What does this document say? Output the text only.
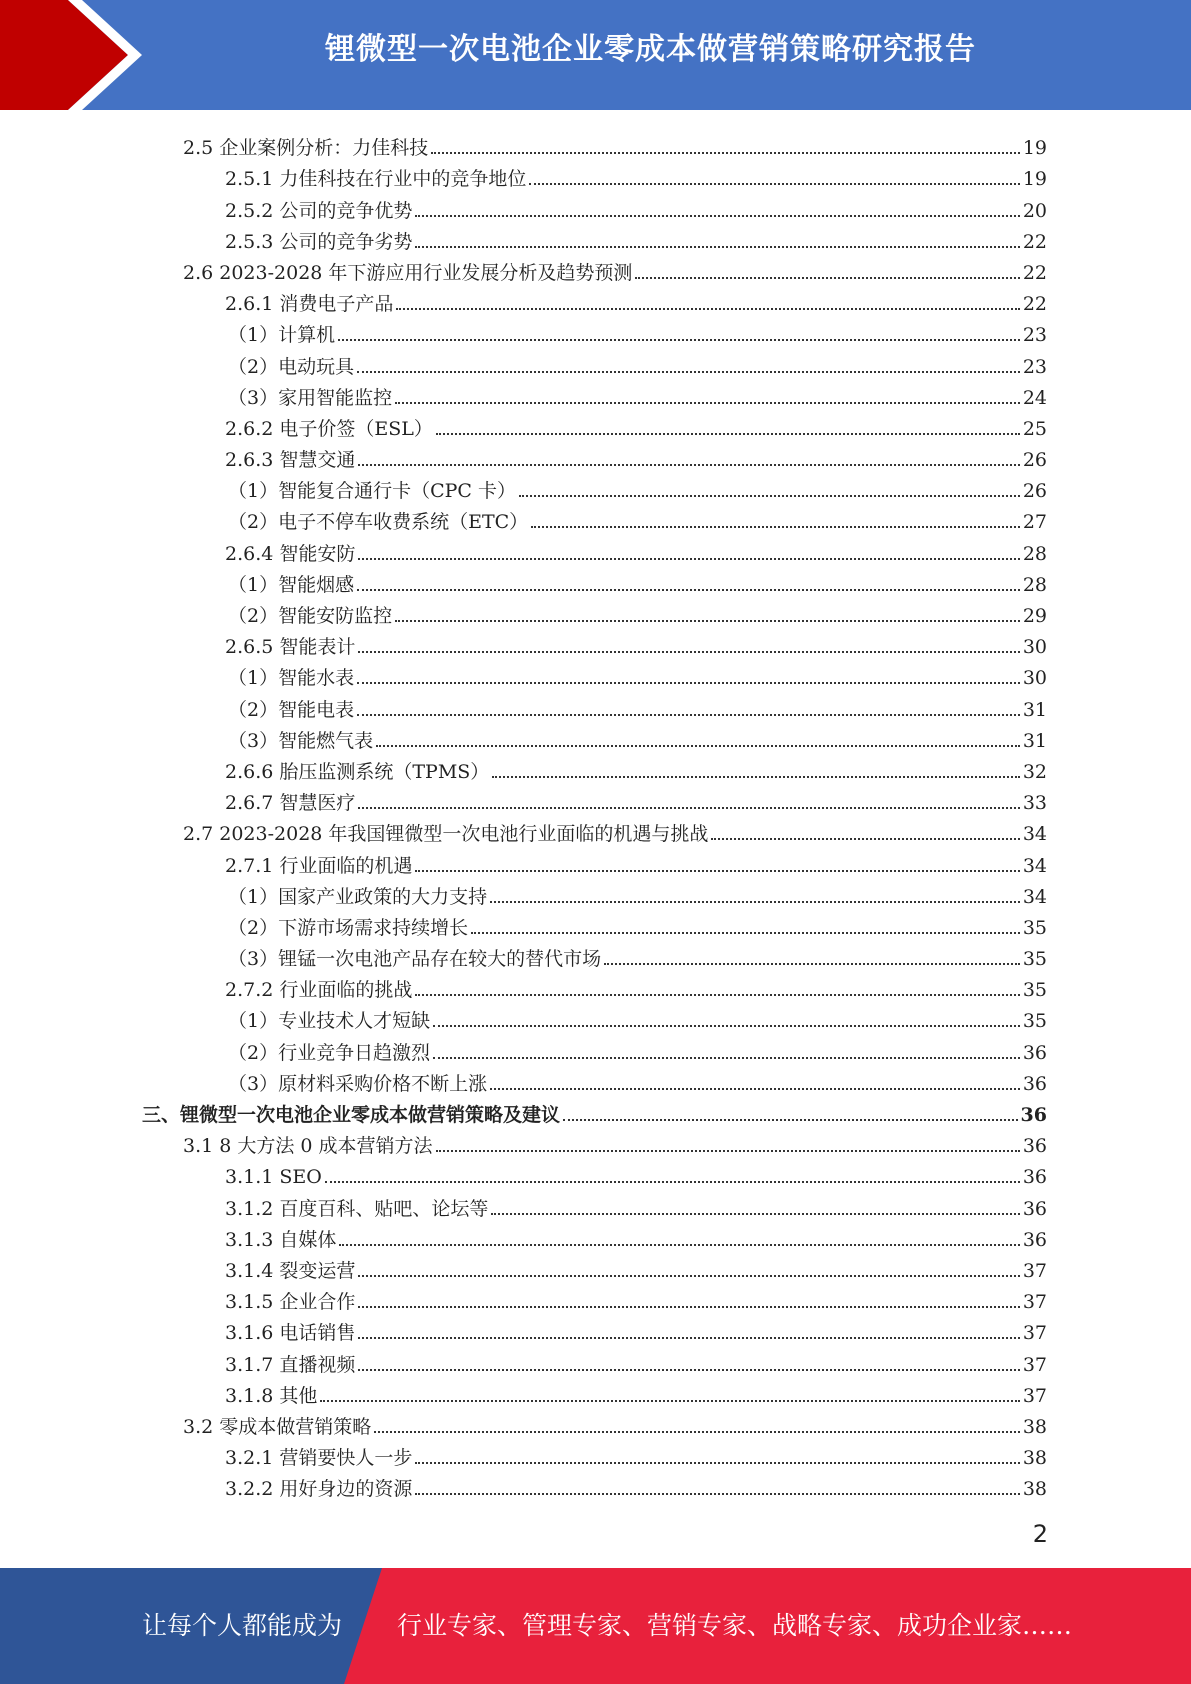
锂微型一次电池企业零成本做营销策略研究报告
2.5 企业案例分析：力佳科技	19
2.5.1 力佳科技在行业中的竞争地位	19
2.5.2 公司的竞争优势	20
2.5.3 公司的竞争劣势	22
2.6 2023-2028 年下游应用行业发展分析及趋势预测	22
2.6.1 消费电子产品	22
（1）计算机	23
（2）电动玩具	23
（3）家用智能监控	24
2.6.2 电子价签（ESL）	25
2.6.3 智慧交通	26
（1）智能复合通行卡（CPC 卡）	26
（2）电子不停车收费系统（ETC）	27
2.6.4 智能安防	28
（1）智能烟感	28
（2）智能安防监控	29
2.6.5 智能表计	30
（1）智能水表	30
（2）智能电表	31
（3）智能燃气表	31
2.6.6 胎压监测系统（TPMS）	32
2.6.7 智慧医疗	33
2.7 2023-2028 年我国锂微型一次电池行业面临的机遇与挑战	34
2.7.1 行业面临的机遇	34
（1）国家产业政策的大力支持	34
（2）下游市场需求持续增长	35
（3）锂锰一次电池产品存在较大的替代市场	35
2.7.2 行业面临的挑战	35
（1）专业技术人才短缺	35
（2）行业竞争日趋激烈	36
（3）原材料采购价格不断上涨	36
三、锂微型一次电池企业零成本做营销策略及建议	36
3.1 8 大方法 0 成本营销方法	36
3.1.1 SEO	36
3.1.2 百度百科、贴吧、论坛等	36
3.1.3 自媒体	36
3.1.4 裂变运营	37
3.1.5 企业合作	37
3.1.6 电话销售	37
3.1.7 直播视频	37
3.1.8 其他	37
3.2 零成本做营销策略	38
3.2.1 营销要快人一步	38
3.2.2 用好身边的资源	38
2
让每个人都能成为 行业专家、管理专家、营销专家、战略专家、成功企业家……
